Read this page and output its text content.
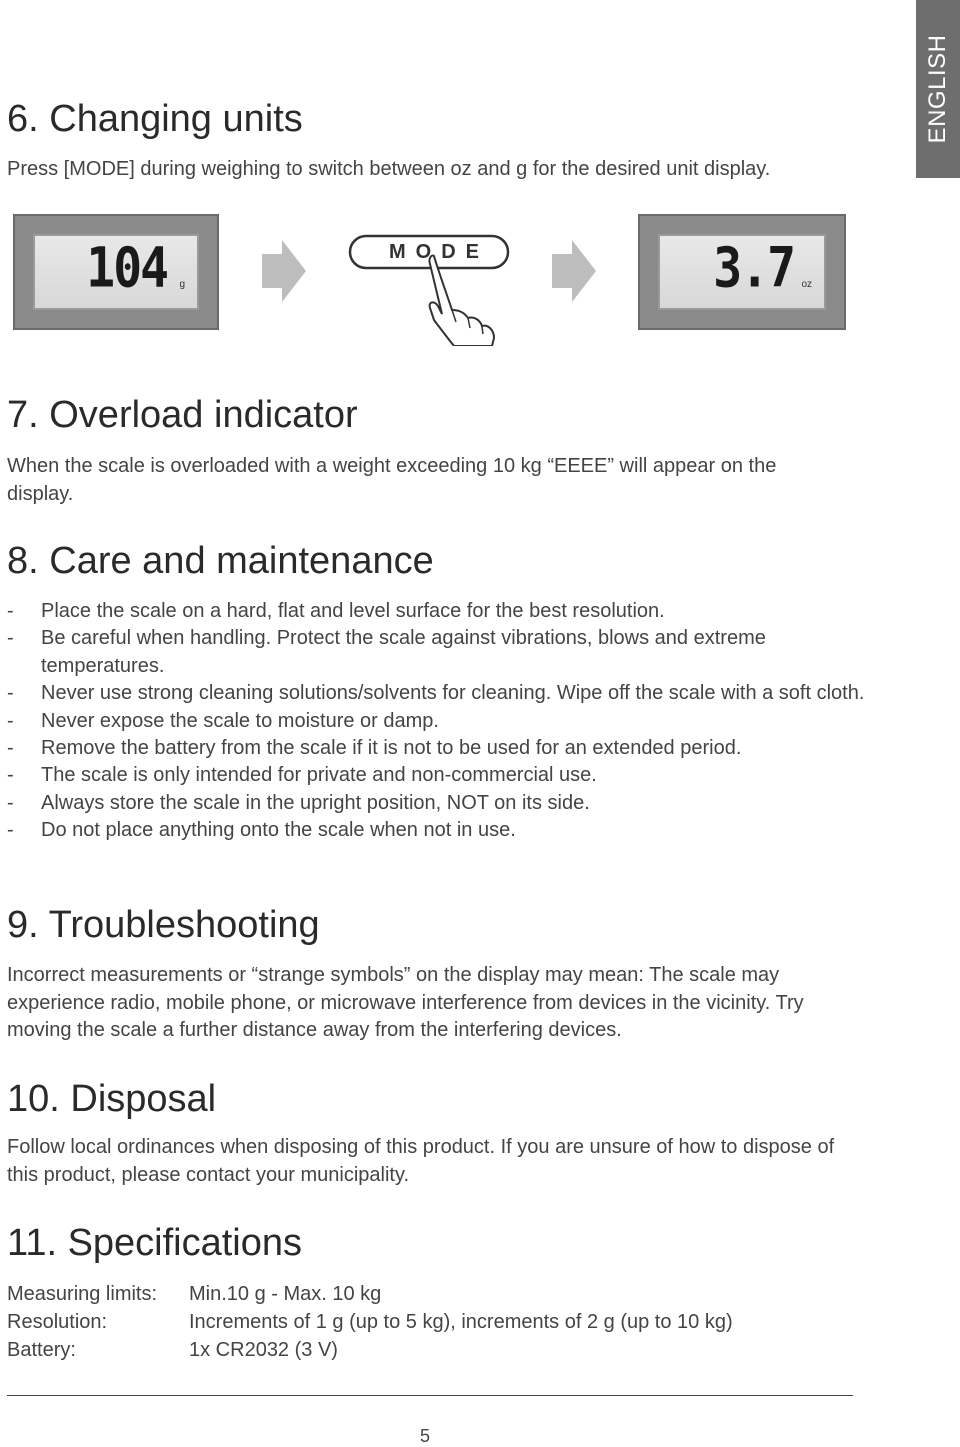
ENGLISH
6. Changing units

Press [MODE] during weighing to switch between oz and g for the desired unit display.

104 g
MODE	3.7 oz
7. Overload indicator

When the scale is overloaded with a weight exceeding 10 kg “EEEE” will appear on the display.

8. Care and maintenance
- Place the scale on a hard, flat and level surface for the best resolution.
- Be careful when handling. Protect the scale against vibrations, blows and extreme temperatures.
- Never use strong cleaning solutions/solvents for cleaning. Wipe off the scale with a soft cloth.
- Never expose the scale to moisture or damp.
- Remove the battery from the scale if it is not to be used for an extended period.
- The scale is only intended for private and non-commercial use.
- Always store the scale in the upright position, NOT on its side.
- Do not place anything onto the scale when not in use.
9. Troubleshooting

Incorrect measurements or “strange symbols” on the display may mean: The scale may experience radio, mobile phone, or microwave interference from devices in the vicinity. Try moving the scale a further distance away from the interfering devices.

10. Disposal

Follow local ordinances when disposing of this product. If you are unsure of how to dispose of this product, please contact your municipality.

11. Specifications
Measuring limits:	Min.10 g - Max. 10 kg
Resolution:	Increments of 1 g (up to 5 kg), increments of 2 g (up to 10 kg)
Battery:	1x CR2032 (3 V)
5
